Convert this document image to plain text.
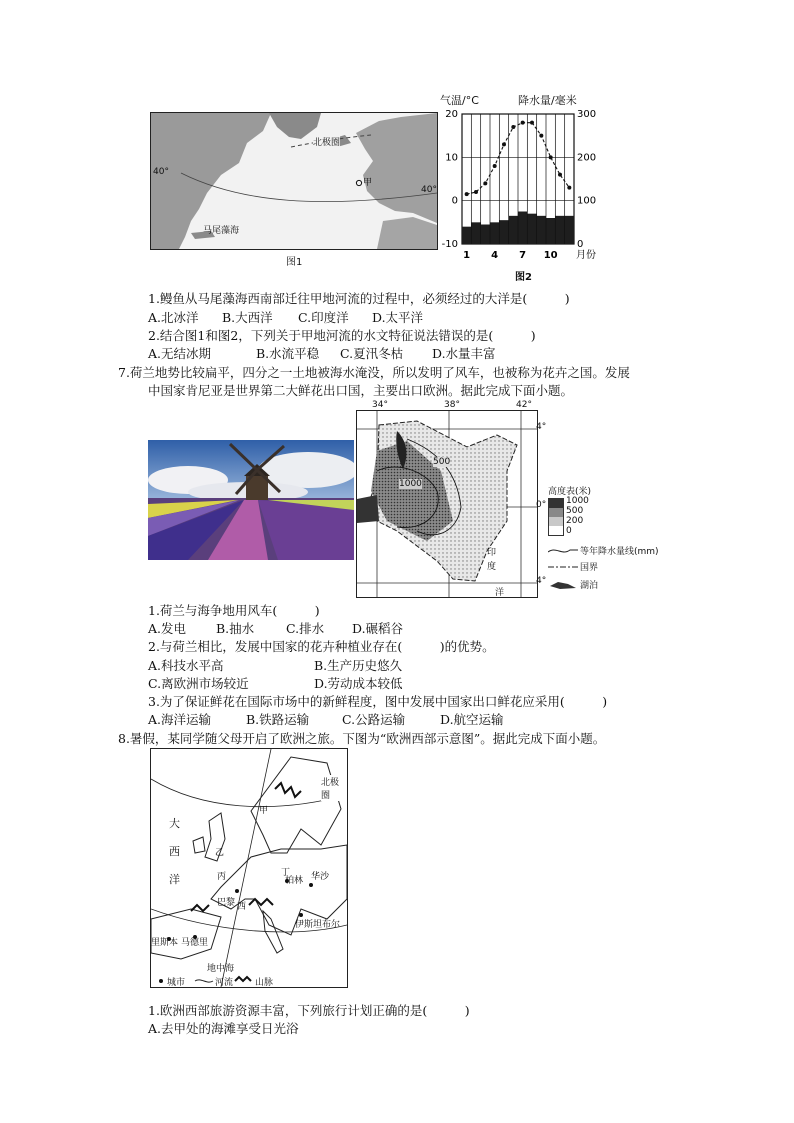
北极圈
40°
40°
甲
马尾藻海
图1
气温/°C	降水量/毫米
20
10
0
-10
300
200
100
0
1 4 7 10 月份
图2
1.鳗鱼从马尾藻海西南部迁往甲地河流的过程中，必须经过的大洋是(　　　)
A.北冰洋 B.大西洋 C.印度洋 D.太平洋
2.结合图1和图2，下列关于甲地河流的水文特征说法错误的是(　　　)
A.无结冰期	B.水流平稳 C.夏汛冬枯 D.水量丰富
7.荷兰地势比较扁平，四分之一土地被海水淹没，所以发明了风车，也被称为花卉之国。发展
中国家肯尼亚是世界第二大鲜花出口国，主要出口欧洲。据此完成下面小题。
34°	38°	42°
500
1000
印
度
洋
4°
0°
4°
高度表(米)
1000
500
200
0
等年降水量线(mm)
国界
湖泊
1.荷兰与海争地用风车(　　　)
A.发电 B.抽水	C.排水 D.碾稻谷
2.与荷兰相比，发展中国家的花卉种植业存在(　　　)的优势。
A.科技水平高	B.生产历史悠久
C.离欧洲市场较近	D.劳动成本较低
3.为了保证鲜花在国际市场中的新鲜程度，图中发展中国家出口鲜花应采用(　　　)
A.海洋运输	B.铁路运输	C.公路运输	D.航空运输
8.暑假，某同学随父母开启了欧洲之旅。下图为“欧洲西部示意图”。据此完成下面小题。
北极圈
大
西
洋
甲
乙
丙	丁 华沙
柏林
巴黎 西
伊斯坦布尔
里斯本 马德里
地中海
城市	河流 山脉
1.欧洲西部旅游资源丰富，下列旅行计划正确的是(　　　)
A.去甲处的海滩享受日光浴
